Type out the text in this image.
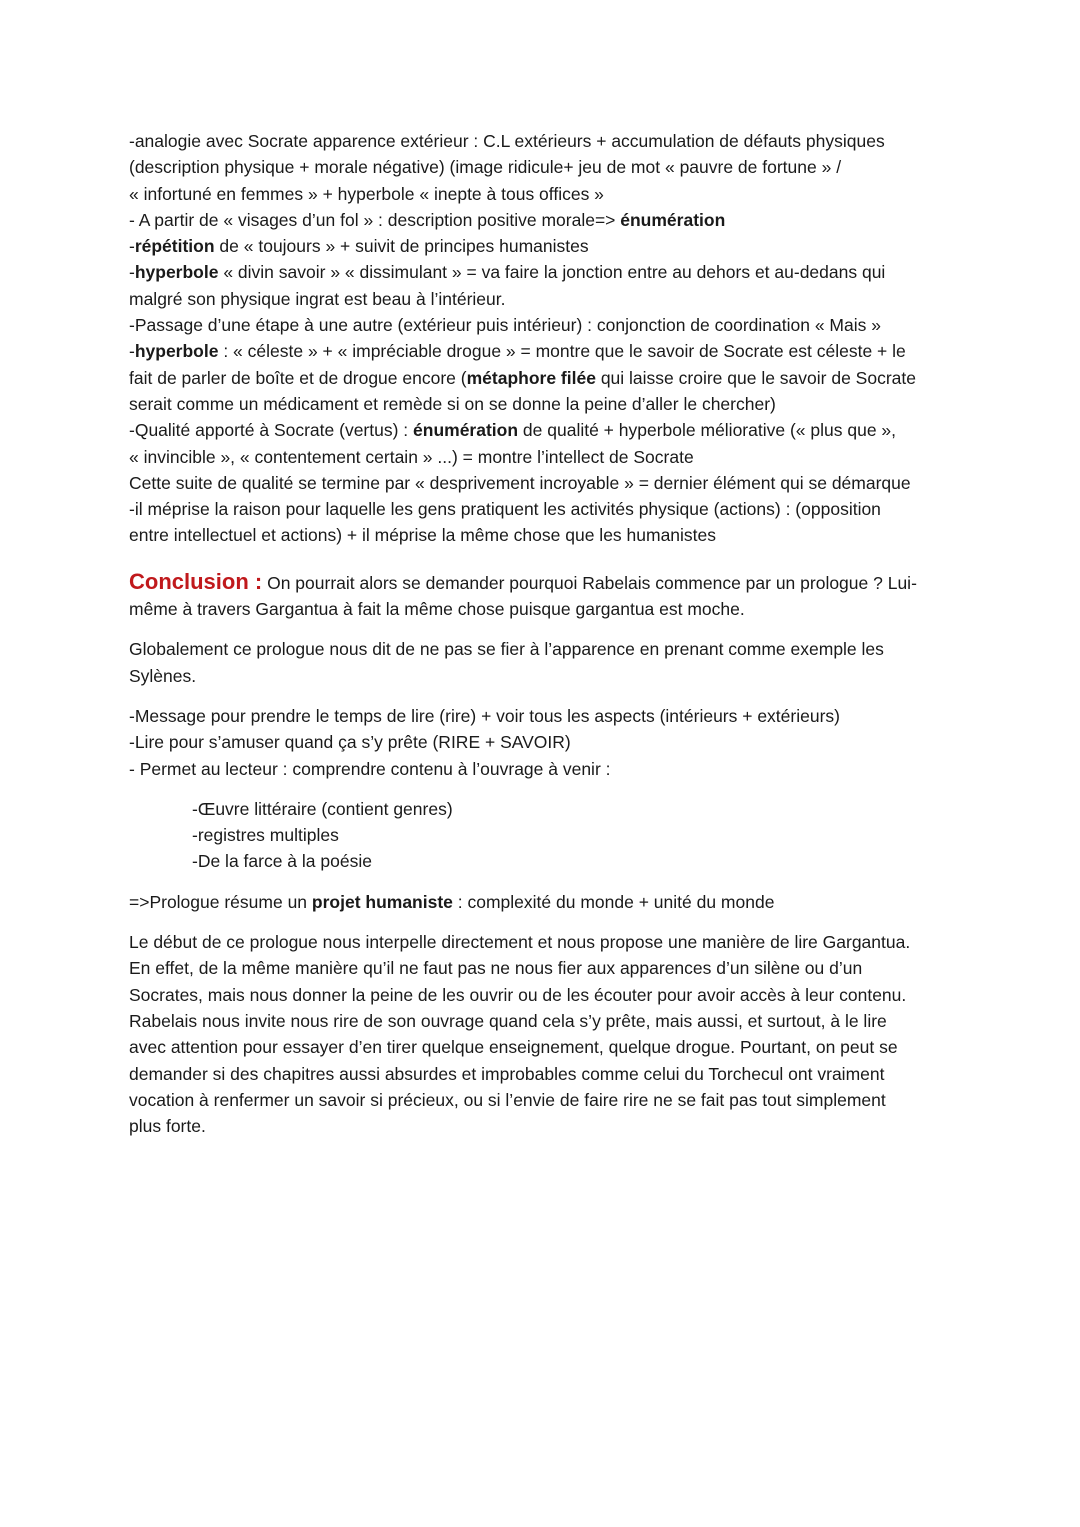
-analogie avec Socrate apparence extérieur : C.L extérieurs + accumulation de défauts physiques
(description physique + morale négative) (image ridicule+ jeu de mot « pauvre de fortune » /
« infortuné en femmes » + hyperbole « inepte à tous offices »
- A partir de « visages d’un fol » : description positive morale=> énumération
-répétition de « toujours » + suivit de principes humanistes
-hyperbole « divin savoir » « dissimulant » = va faire la jonction entre au dehors et au-dedans qui
malgré son physique ingrat est beau à l’intérieur.
-Passage d’une étape à une autre (extérieur puis intérieur) : conjonction de coordination « Mais »
-hyperbole : « céleste » + « impréciable drogue » = montre que le savoir de Socrate est céleste + le
fait de parler de boîte et de drogue encore (métaphore filée qui laisse croire que le savoir de Socrate
serait comme un médicament et remède si on se donne la peine d’aller le chercher)
-Qualité apporté à Socrate (vertus) : énumération de qualité + hyperbole méliorative (« plus que »,
« invincible », « contentement certain » ...) = montre l’intellect de Socrate
Cette suite de qualité se termine par « desprivement incroyable » = dernier élément qui se démarque
-il méprise la raison pour laquelle les gens pratiquent les activités physique (actions) : (opposition
entre intellectuel et actions) + il méprise la même chose que les humanistes
Conclusion : On pourrait alors se demander pourquoi Rabelais commence par un prologue ? Lui-
même à travers Gargantua à fait la même chose puisque gargantua est moche.
Globalement ce prologue nous dit de ne pas se fier à l’apparence en prenant comme exemple les
Sylènes.
-Message pour prendre le temps de lire (rire) + voir tous les aspects (intérieurs + extérieurs)
-Lire pour s’amuser quand ça s’y prête (RIRE + SAVOIR)
- Permet au lecteur : comprendre contenu à l’ouvrage à venir :
-Œuvre littéraire (contient genres)
-registres multiples
-De la farce à la poésie
=>Prologue résume un projet humaniste : complexité du monde + unité du monde
Le début de ce prologue nous interpelle directement et nous propose une manière de lire Gargantua.
En effet, de la même manière qu’il ne faut pas ne nous fier aux apparences d’un silène ou d’un
Socrates, mais nous donner la peine de les ouvrir ou de les écouter pour avoir accès à leur contenu.
Rabelais nous invite nous rire de son ouvrage quand cela s’y prête, mais aussi, et surtout, à le lire
avec attention pour essayer d’en tirer quelque enseignement, quelque drogue. Pourtant, on peut se
demander si des chapitres aussi absurdes et improbables comme celui du Torchecul ont vraiment
vocation à renfermer un savoir si précieux, ou si l’envie de faire rire ne se fait pas tout simplement
plus forte.
